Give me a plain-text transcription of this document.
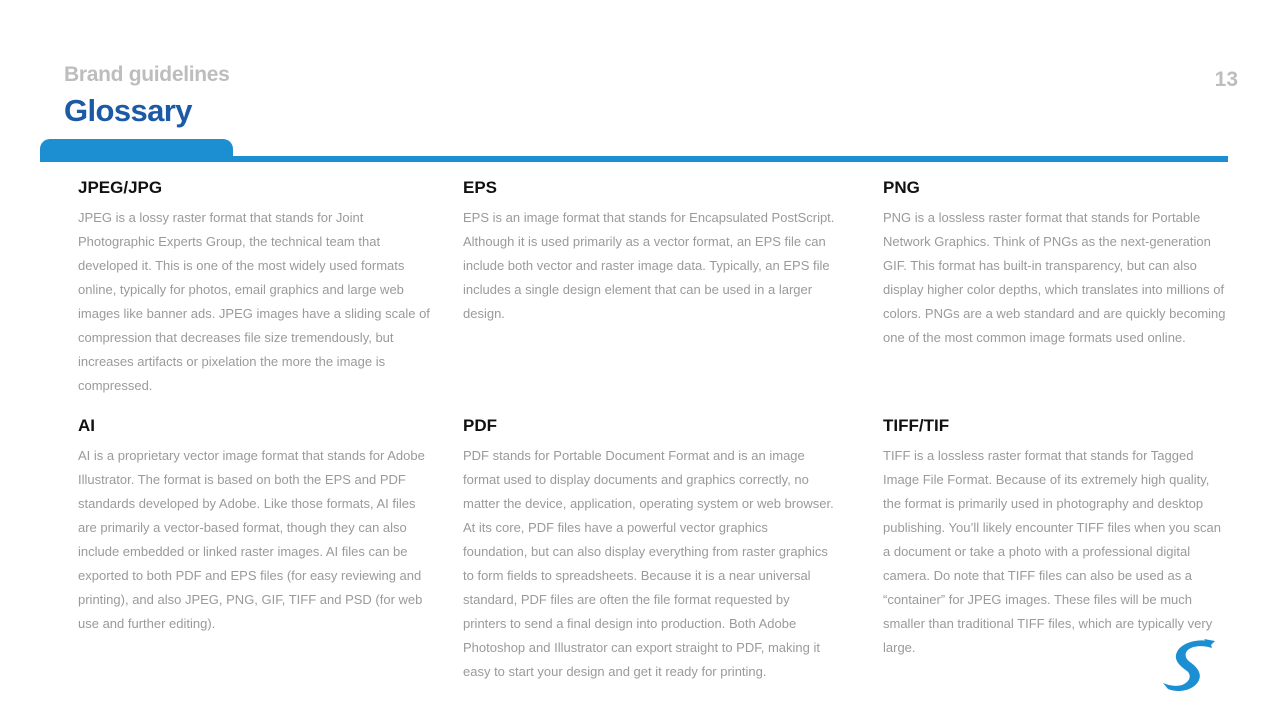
Brand guidelines
Glossary
13
JPEG/JPG

JPEG is a lossy raster format that stands for Joint Photographic Experts Group, the technical team that developed it. This is one of the most widely used formats online, typically for photos, email graphics and large web images like banner ads. JPEG images have a sliding scale of compression that decreases file size tremendously, but increases artifacts or pixelation the more the image is compressed.

EPS

EPS is an image format that stands for Encapsulated PostScript. Although it is used primarily as a vector format, an EPS file can include both vector and raster image data. Typically, an EPS file includes a single design element that can be used in a larger design.

PNG

PNG is a lossless raster format that stands for Portable Network Graphics. Think of PNGs as the next-generation GIF. This format has built-in transparency, but can also display higher color depths, which translates into millions of colors. PNGs are a web standard and are quickly becoming one of the most common image formats used online.

AI

AI is a proprietary vector image format that stands for Adobe Illustrator. The format is based on both the EPS and PDF standards developed by Adobe. Like those formats, AI files are primarily a vector-based format, though they can also include embedded or linked raster images. AI files can be exported to both PDF and EPS files (for easy reviewing and printing), and also JPEG, PNG, GIF, TIFF and PSD (for web use and further editing).

PDF

PDF stands for Portable Document Format and is an image format used to display documents and graphics correctly, no matter the device, application, operating system or web browser. At its core, PDF files have a powerful vector graphics foundation, but can also display everything from raster graphics to form fields to spreadsheets. Because it is a near universal standard, PDF files are often the file format requested by printers to send a final design into production. Both Adobe Photoshop and Illustrator can export straight to PDF, making it easy to start your design and get it ready for printing.

TIFF/TIF

TIFF is a lossless raster format that stands for Tagged Image File Format. Because of its extremely high quality, the format is primarily used in photography and desktop publishing. You’ll likely encounter TIFF files when you scan a document or take a photo with a professional digital camera. Do note that TIFF files can also be used as a “container” for JPEG images. These files will be much smaller than traditional TIFF files, which are typically very large.
